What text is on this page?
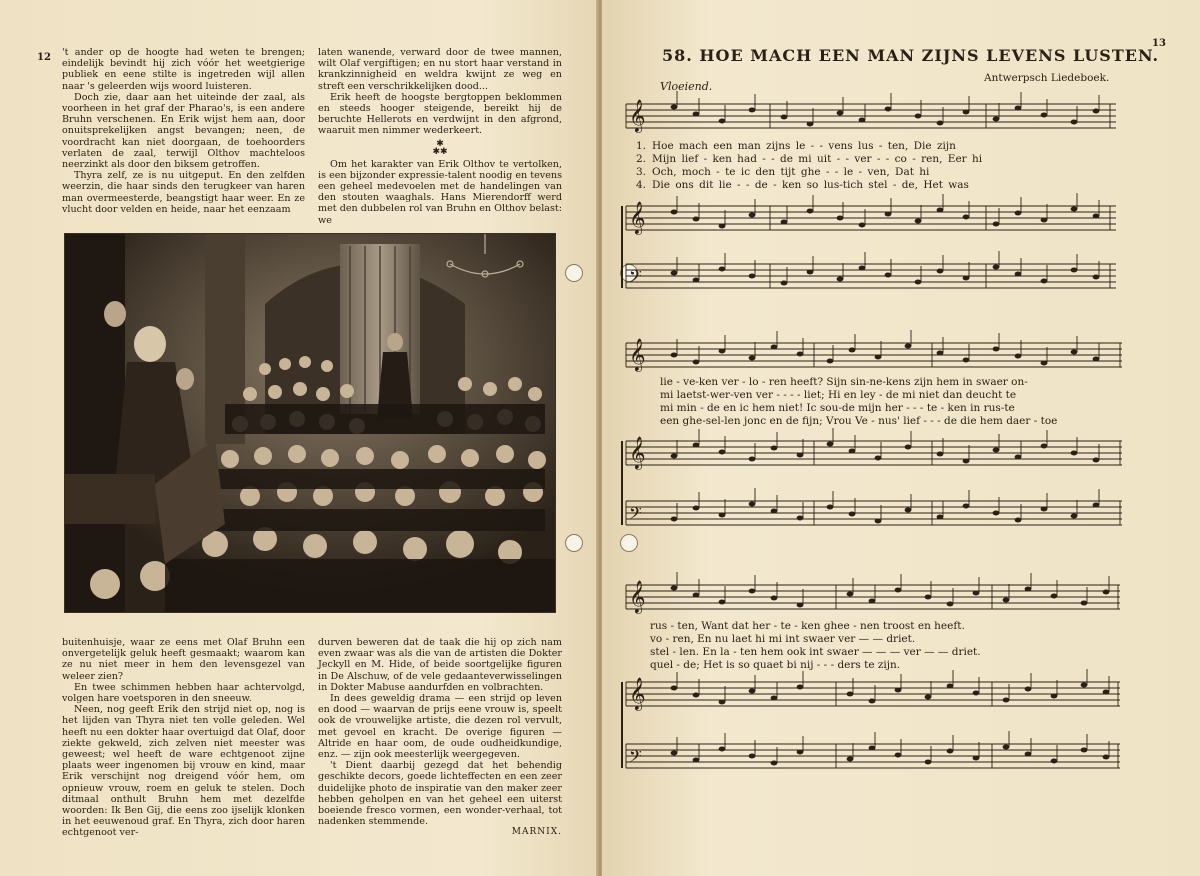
12 't ander op de hoogte had weten te brengen; eindelijk bevindt hij zich vóór het weetgierige publiek en eene stilte is ingetreden wijl allen naar 's geleerden wijs woord luisteren.

Doch zie, daar aan het uiteinde der zaal, als voorheen in het graf der Pharao's, is een andere Bruhn verschenen. En Erik wijst hem aan, door onuitsprekelijken angst bevangen; neen, de voordracht kan niet doorgaan, de toehoorders verlaten de zaal, terwijl Olthov machteloos neerzinkt als door den biksem getroffen.

Thyra zelf, ze is nu uitgeput. En den zelfden weerzin, die haar sinds den terugkeer van haren man overmeesterde, beangstigt haar weer. En ze vlucht door velden en heide, naar het eenzaam

laten wanende, verward door de twee mannen, wilt Olaf vergiftigen; en nu stort haar verstand in krankzinnigheid en weldra kwijnt ze weg en streft een verschrikkelijken dood...

Erik heeft de hoogste bergtoppen beklommen en steeds hooger steigende, bereikt hij de beruchte Hellerots en verdwijnt in den afgrond, waaruit men nimmer wederkeert.

✱
✱✱

Om het karakter van Erik Olthov te vertolken, is een bijzonder expressie-talent noodig en tevens een geheel medevoelen met de handelingen van den stouten waaghals. Hans Mierendorff werd met den dubbelen rol van Bruhn en Olthov belast: we

buitenhuisje, waar ze eens met Olaf Bruhn een onvergetelijk geluk heeft gesmaakt; waarom kan ze nu niet meer in hem den levensgezel van weleer zien?

En twee schimmen hebben haar achtervolgd, volgen hare voetsporen in den sneeuw.

Neen, nog geeft Erik den strijd niet op, nog is het lijden van Thyra niet ten volle geleden. Wel heeft nu een dokter haar overtuigd dat Olaf, door ziekte gekweld, zich zelven niet meester was geweest; wel heeft de ware echtgenoot zijne plaats weer ingenomen bij vrouw en kind, maar Erik verschijnt nog dreigend vóór hem, om opnieuw vrouw, roem en geluk te stelen. Doch ditmaal onthult Bruhn hem met dezelfde woorden: Ik Ben Gij, die eens zoo ijselijk klonken in het eeuwenoud graf. En Thyra, zich door haren echtgenoot ver-

durven beweren dat de taak die hij op zich nam even zwaar was als die van de artisten die Dokter Jeckyll en M. Hide, of beide soortgelijke figuren in De Alschuw, of de vele gedaanteverwisselingen in Dokter Mabuse aandurfden en volbrachten.

In dees geweldig drama — een strijd op leven en dood — waarvan de prijs eene vrouw is, speelt ook de vrouwelijke artiste, die dezen rol vervult, met gevoel en kracht. De overige figuren — Altride en haar oom, de oude oudheidkundige, enz. — zijn ook meesterlijk weergegeven.

't Dient daarbij gezegd dat het behendig geschikte decors, goede lichteffecten en een zeer duidelijke photo de inspiratie van den maker zeer hebben geholpen en van het geheel een uiterst boeiende fresco vormen, een wonder-verhaal, tot nadenken stemmende.

MARNIX.
13
58. HOE MACH EEN MAN ZIJNS LEVENS LUSTEN.
Antwerpsch Liedeboek.
Vloeiend.
𝄞
𝄞
𝄢
𝄞
𝄞
𝄢
𝄞
𝄞
𝄢
1. Hoe mach een man zijns le - - vens lus - ten, Die zijn
2. Mijn lief - ken had - - de mi uit - - ver - - co - ren, Eer hi
3. Och, moch - te ic den tijt ghe - - le - ven, Dat hi
4. Die ons dit lie - - de - ken so lus-tich stel - de, Het was
lie - ve-ken ver - lo - ren heeft? Sijn sin-ne-kens zijn hem in swaer on-
mi laetst-wer-ven ver - - - - liet; Hi en ley - de mi niet dan deucht te
mi min - de en ic hem niet! Ic sou-de mijn her - - - te - ken in rus-te
een ghe-sel-len jonc en de fijn; Vrou Ve - nus' lief - - - de die hem daer - toe
rus - ten, Want dat her - te - ken ghee - nen troost en heeft.
vo - ren, En nu laet hi mi int swaer ver — — driet.
stel - len. En la - ten hem ook int swaer — — — ver — — driet.
quel - de; Het is so quaet bi nij - - - ders te zijn.
